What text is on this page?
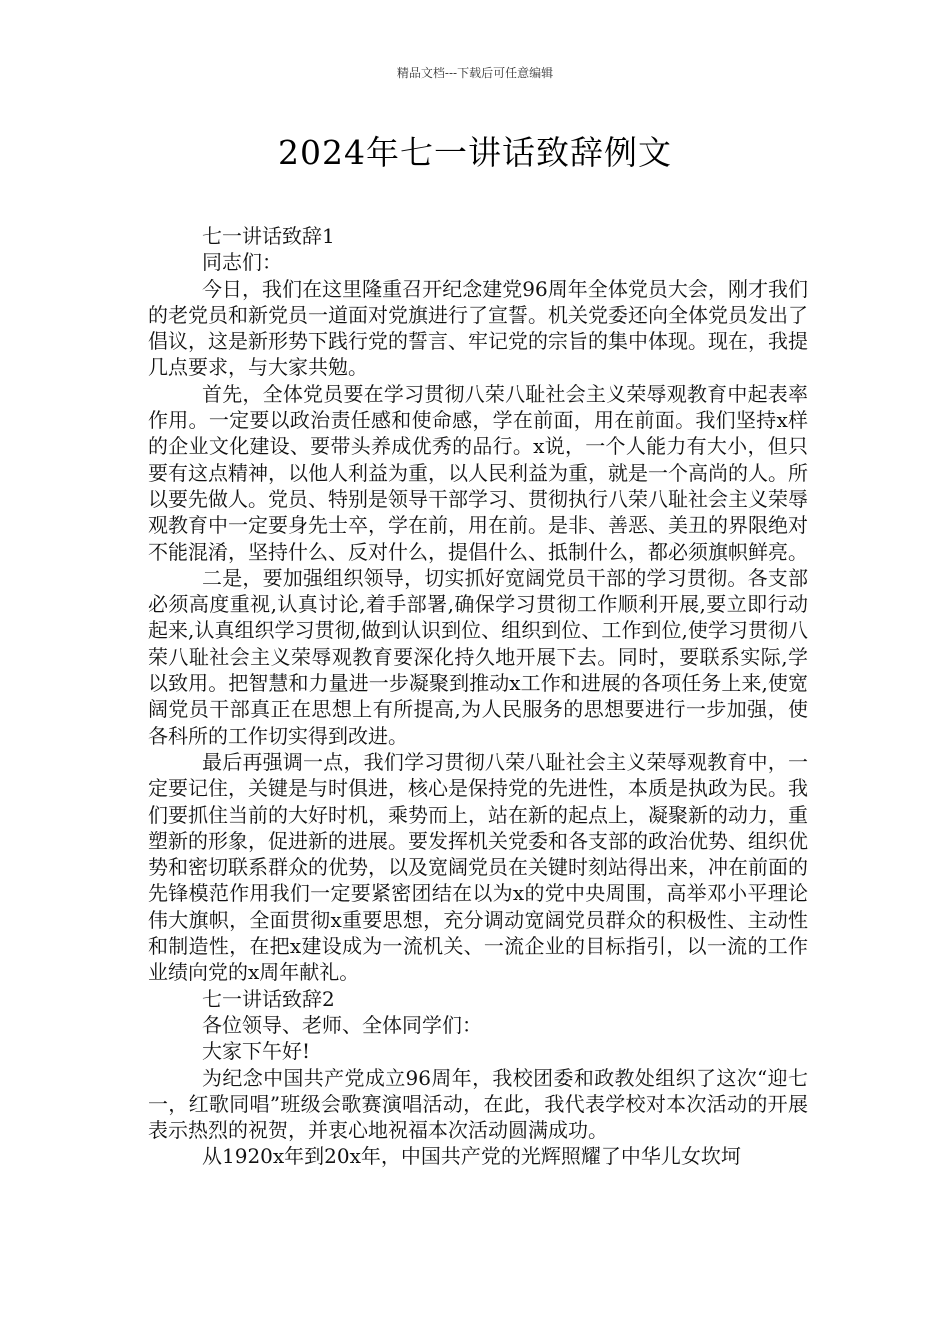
精品文档---下载后可任意编辑
2024年七一讲话致辞例文

七一讲话致辞1

同志们：

今日，我们在这里隆重召开纪念建党96周年全体党员大会，刚才我们的老党员和新党员一道面对党旗进行了宣誓。机关党委还向全体党员发出了倡议，这是新形势下践行党的誓言、牢记党的宗旨的集中体现。现在，我提几点要求，与大家共勉。

首先，全体党员要在学习贯彻八荣八耻社会主义荣辱观教育中起表率作用。一定要以政治责任感和使命感，学在前面，用在前面。我们坚持x样的企业文化建设、要带头养成优秀的品行。x说，一个人能力有大小，但只要有这点精神，以他人利益为重，以人民利益为重，就是一个高尚的人。所以要先做人。党员、特别是领导干部学习、贯彻执行八荣八耻社会主义荣辱观教育中一定要身先士卒，学在前，用在前。是非、善恶、美丑的界限绝对不能混淆，坚持什么、反对什么，提倡什么、抵制什么，都必须旗帜鲜亮。

二是，要加强组织领导，切实抓好宽阔党员干部的学习贯彻。各支部必须高度重视,认真讨论,着手部署,确保学习贯彻工作顺利开展,要立即行动起来,认真组织学习贯彻,做到认识到位、组织到位、工作到位,使学习贯彻八荣八耻社会主义荣辱观教育要深化持久地开展下去。同时，要联系实际,学以致用。把智慧和力量进一步凝聚到推动x工作和进展的各项任务上来,使宽阔党员干部真正在思想上有所提高,为人民服务的思想要进行一步加强，使各科所的工作切实得到改进。

最后再强调一点，我们学习贯彻八荣八耻社会主义荣辱观教育中，一定要记住，关键是与时俱进，核心是保持党的先进性，本质是执政为民。我们要抓住当前的大好时机，乘势而上，站在新的起点上，凝聚新的动力，重塑新的形象，促进新的进展。要发挥机关党委和各支部的政治优势、组织优势和密切联系群众的优势，以及宽阔党员在关键时刻站得出来，冲在前面的先锋模范作用我们一定要紧密团结在以为x的党中央周围，高举邓小平理论伟大旗帜，全面贯彻x重要思想，充分调动宽阔党员群众的积极性、主动性和制造性，在把x建设成为一流机关、一流企业的目标指引，以一流的工作业绩向党的x周年献礼。

七一讲话致辞2

各位领导、老师、全体同学们：

大家下午好!

为纪念中国共产党成立96周年，我校团委和政教处组织了这次“迎七一，红歌同唱”班级会歌赛演唱活动，在此，我代表学校对本次活动的开展表示热烈的祝贺，并衷心地祝福本次活动圆满成功。

从1920x年到20x年，中国共产党的光辉照耀了中华儿女坎坷
